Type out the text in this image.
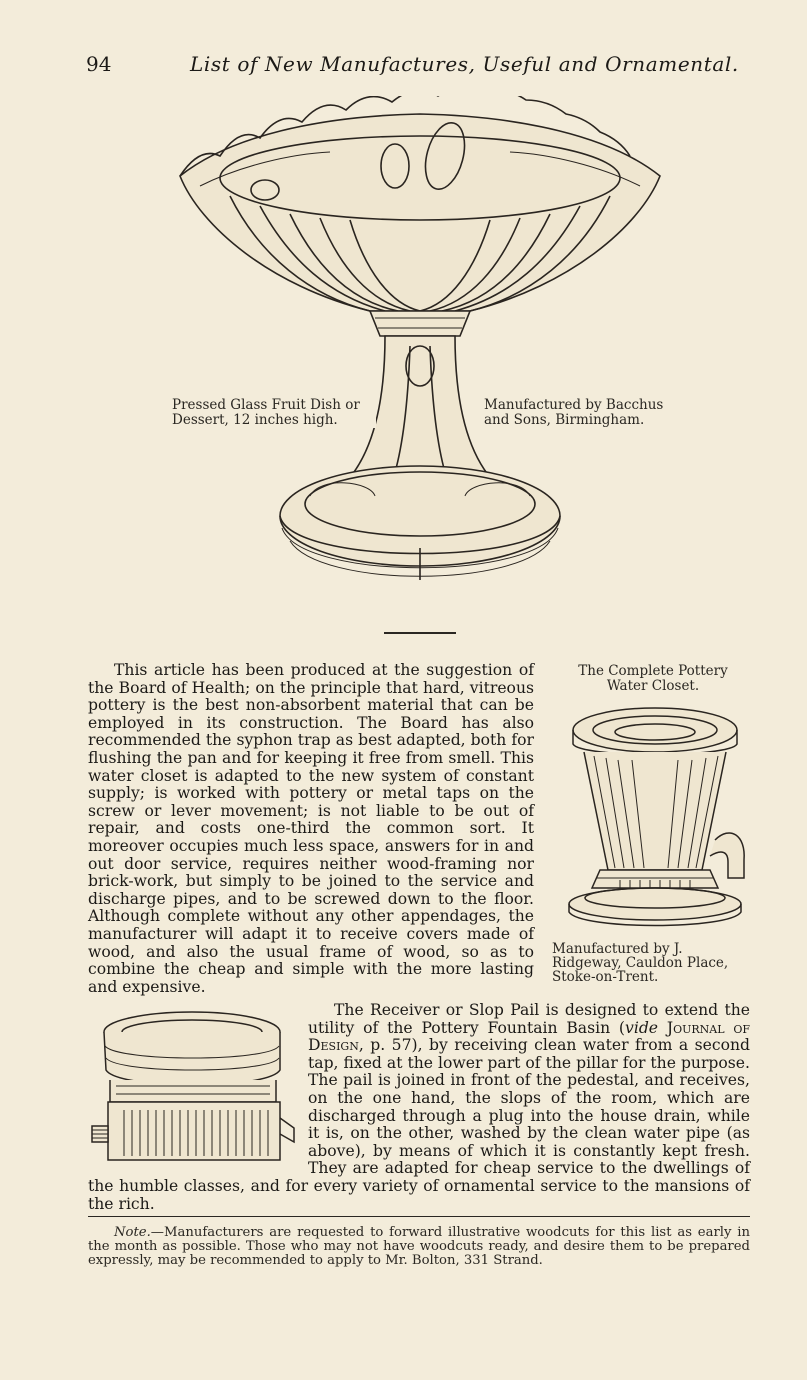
94	List of New Manufactures, Useful and Ornamental.
Pressed Glass Fruit Dish or Dessert, 12 inches high.
Manufactured by Bacchus and Sons, Birmingham.

This article has been produced at the suggestion of the Board of Health; on the principle that hard, vitreous pottery is the best non-absorbent material that can be employed in its construction. The Board has also recommended the syphon trap as best adapted, both for flushing the pan and for keeping it free from smell. This water closet is adapted to the new system of constant supply; is worked with pottery or metal taps on the screw or lever movement; is not liable to be out of repair, and costs one-third the common sort. It moreover occupies much less space, answers for in and out door service, requires neither wood-framing nor brick-work, but simply to be joined to the service and discharge pipes, and to be screwed down to the floor. Although complete without any other appendages, the manufacturer will adapt it to receive covers made of wood, and also the usual frame of wood, so as to combine the cheap and simple with the more lasting and expensive.

The Complete Pottery Water Closet.
Manufactured by J. Ridgeway, Cauldon Place, Stoke-on-Trent.

The Receiver or Slop Pail is designed to extend the utility of the Pottery Fountain Basin (vide Journal of Design, p. 57), by receiving clean water from a second tap, fixed at the lower part of the pillar for the purpose. The pail is joined in front of the pedestal, and receives, on the one hand, the slops of the room, which are discharged through a plug into the house drain, while it is, on the other, washed by the clean water pipe (as above), by means of which it is constantly kept fresh. They are adapted for cheap service to the dwellings of the humble classes, and for every variety of ornamental service to the mansions of the rich.

Note.—Manufacturers are requested to forward illustrative woodcuts for this list as early in the month as possible. Those who may not have woodcuts ready, and desire them to be prepared expressly, may be recommended to apply to Mr. Bolton, 331 Strand.
